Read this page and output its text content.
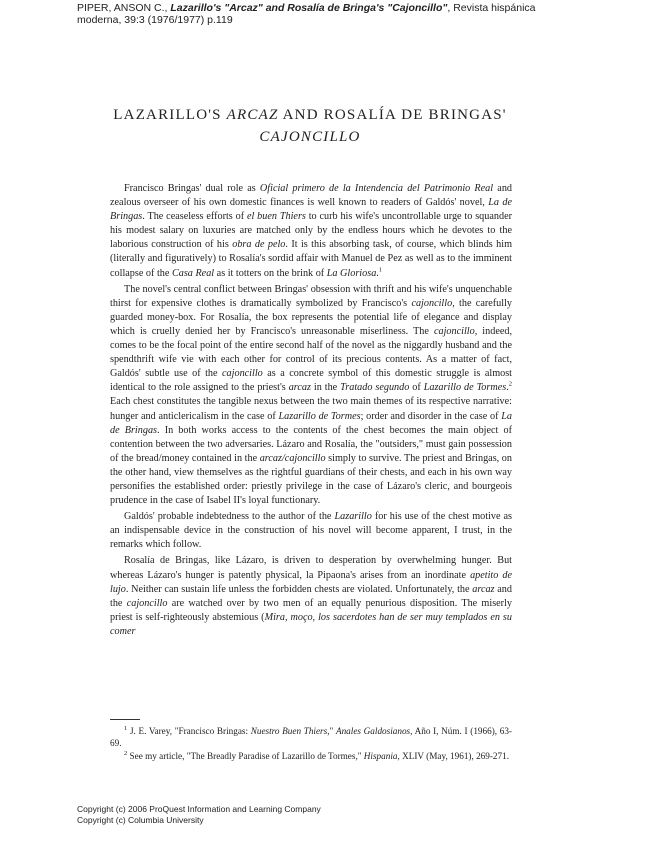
PIPER, ANSON C., Lazarillo's "Arcaz" and Rosalía de Bringa's "Cajoncillo", Revista hispánica
moderna, 39:3 (1976/1977) p.119
LAZARILLO'S ARCAZ AND ROSALÍA DE BRINGAS'
CAJONCILLO

Francisco Bringas' dual role as Oficial primero de la Intendencia del Patrimonio Real and zealous overseer of his own domestic finances is well known to readers of Galdós' novel, La de Bringas. The ceaseless efforts of el buen Thiers to curb his wife's uncontrollable urge to squander his modest salary on luxuries are matched only by the endless hours which he devotes to the laborious construction of his obra de pelo. It is this absorbing task, of course, which blinds him (literally and figuratively) to Rosalía's sordid affair with Manuel de Pez as well as to the imminent collapse of the Casa Real as it totters on the brink of La Gloriosa.$^1$

The novel's central conflict between Bringas' obsession with thrift and his wife's unquenchable thirst for expensive clothes is dramatically symbolized by Francisco's cajoncillo, the carefully guarded money-box. For Rosalía, the box represents the potential life of elegance and display which is cruelly denied her by Francisco's unreasonable miserliness. The cajoncillo, indeed, comes to be the focal point of the entire second half of the novel as the niggardly husband and the spendthrift wife vie with each other for control of its precious contents. As a matter of fact, Galdós' subtle use of the cajoncillo as a concrete symbol of this domestic struggle is almost identical to the role assigned to the priest's arcaz in the Tratado segundo of Lazarillo de Tormes.$^2$ Each chest constitutes the tangible nexus between the two main themes of its respective narrative: hunger and anticlericalism in the case of Lazarillo de Tormes; order and disorder in the case of La de Bringas. In both works access to the contents of the chest becomes the main object of contention between the two adversaries. Lázaro and Rosalía, the "outsiders," must gain possession of the bread/money contained in the arcaz/cajoncillo simply to survive. The priest and Bringas, on the other hand, view themselves as the rightful guardians of their chests, and each in his own way personifies the established order: priestly privilege in the case of Lázaro's cleric, and bourgeois prudence in the case of Isabel II's loyal functionary.

Galdós' probable indebtedness to the author of the Lazarillo for his use of the chest motive as an indispensable device in the construction of his novel will become apparent, I trust, in the remarks which follow.

Rosalía de Bringas, like Lázaro, is driven to desperation by overwhelming hunger. But whereas Lázaro's hunger is patently physical, la Pipaona's arises from an inordinate apetito de lujo. Neither can sustain life unless the forbidden chests are violated. Unfortunately, the arcaz and the cajoncillo are watched over by two men of an equally penurious disposition. The miserly priest is self-righteously abstemious (Mira, moço, los sacerdotes han de ser muy templados en su comer

$^1$ J. E. Varey, "Francisco Bringas: Nuestro Buen Thiers," Anales Galdosianos, Año I, Núm. I (1966), 63-69.

$^2$ See my article, "The Breadly Paradise of Lazarillo de Tormes," Hispania, XLIV (May, 1961), 269-271.

Copyright (c) 2006 ProQuest Information and Learning Company
Copyright (c) Columbia University
